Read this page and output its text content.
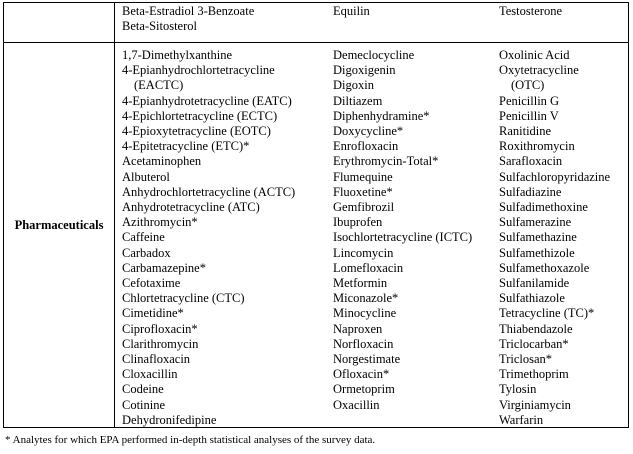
Pharmaceuticals
Beta-Estradiol 3-Benzoate
Beta-Sitosterol
1,7-Dimethylxanthine
4-Epianhydrochlortetracycline
(EACTC)
4-Epianhydrotetracycline (EATC)
4-Epichlortetracycline (ECTC)
4-Epioxytetracycline (EOTC)
4-Epitetracycline (ETC)*
Acetaminophen
Albuterol
Anhydrochlortetracycline (ACTC)
Anhydrotetracycline (ATC)
Azithromycin*
Caffeine
Carbadox
Carbamazepine*
Cefotaxime
Chlortetracycline (CTC)
Cimetidine*
Ciprofloxacin*
Clarithromycin
Clinafloxacin
Cloxacillin
Codeine
Cotinine
Dehydronifedipine
Equilin
Demeclocycline
Digoxigenin
Digoxin
Diltiazem
Diphenhydramine*
Doxycycline*
Enrofloxacin
Erythromycin-Total*
Flumequine
Fluoxetine*
Gemfibrozil
Ibuprofen
Isochlortetracycline (ICTC)
Lincomycin
Lomefloxacin
Metformin
Miconazole*
Minocycline
Naproxen
Norfloxacin
Norgestimate
Ofloxacin*
Ormetoprim
Oxacillin
Testosterone
Oxolinic Acid
Oxytetracycline
(OTC)
Penicillin G
Penicillin V
Ranitidine
Roxithromycin
Sarafloxacin
Sulfachloropyridazine
Sulfadiazine
Sulfadimethoxine
Sulfamerazine
Sulfamethazine
Sulfamethizole
Sulfamethoxazole
Sulfanilamide
Sulfathiazole
Tetracycline (TC)*
Thiabendazole
Triclocarban*
Triclosan*
Trimethoprim
Tylosin
Virginiamycin
Warfarin
* Analytes for which EPA performed in-depth statistical analyses of the survey data.
